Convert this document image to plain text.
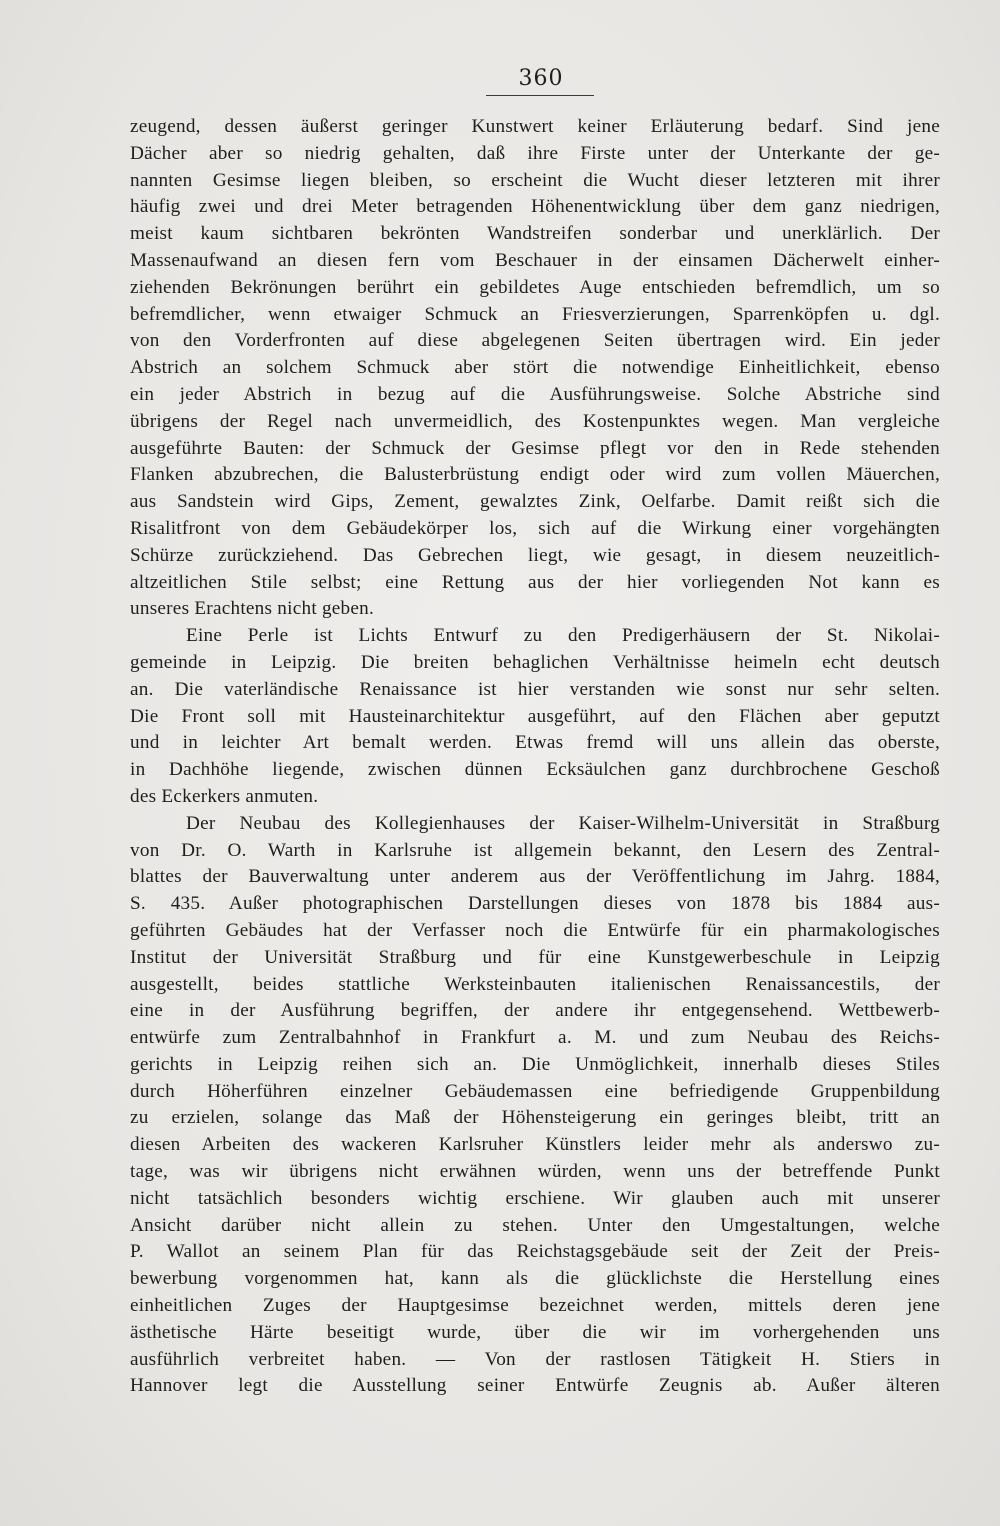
360
zeugend, dessen äußerst geringer Kunstwert keiner Erläuterung bedarf. Sind jene
Dächer aber so niedrig gehalten, daß ihre Firste unter der Unterkante der ge-
nannten Gesimse liegen bleiben, so erscheint die Wucht dieser letzteren mit ihrer
häufig zwei und drei Meter betragenden Höhenentwicklung über dem ganz niedrigen,
meist kaum sichtbaren bekrönten Wandstreifen sonderbar und unerklärlich. Der
Massenaufwand an diesen fern vom Beschauer in der einsamen Dächerwelt einher-
ziehenden Bekrönungen berührt ein gebildetes Auge entschieden befremdlich, um so
befremdlicher, wenn etwaiger Schmuck an Friesverzierungen, Sparrenköpfen u. dgl.
von den Vorderfronten auf diese abgelegenen Seiten übertragen wird. Ein jeder
Abstrich an solchem Schmuck aber stört die notwendige Einheitlichkeit, ebenso
ein jeder Abstrich in bezug auf die Ausführungsweise. Solche Abstriche sind
übrigens der Regel nach unvermeidlich, des Kostenpunktes wegen. Man vergleiche
ausgeführte Bauten: der Schmuck der Gesimse pflegt vor den in Rede stehenden
Flanken abzubrechen, die Balusterbrüstung endigt oder wird zum vollen Mäuerchen,
aus Sandstein wird Gips, Zement, gewalztes Zink, Oelfarbe. Damit reißt sich die
Risalitfront von dem Gebäudekörper los, sich auf die Wirkung einer vorgehängten
Schürze zurückziehend. Das Gebrechen liegt, wie gesagt, in diesem neuzeitlich-
altzeitlichen Stile selbst; eine Rettung aus der hier vorliegenden Not kann es
unseres Erachtens nicht geben.
Eine Perle ist Lichts Entwurf zu den Predigerhäusern der St. Nikolai-
gemeinde in Leipzig. Die breiten behaglichen Verhältnisse heimeln echt deutsch
an. Die vaterländische Renaissance ist hier verstanden wie sonst nur sehr selten.
Die Front soll mit Hausteinarchitektur ausgeführt, auf den Flächen aber geputzt
und in leichter Art bemalt werden. Etwas fremd will uns allein das oberste,
in Dachhöhe liegende, zwischen dünnen Ecksäulchen ganz durchbrochene Geschoß
des Eckerkers anmuten.
Der Neubau des Kollegienhauses der Kaiser-Wilhelm-Universität in Straßburg
von Dr. O. Warth in Karlsruhe ist allgemein bekannt, den Lesern des Zentral-
blattes der Bauverwaltung unter anderem aus der Veröffentlichung im Jahrg. 1884,
S. 435. Außer photographischen Darstellungen dieses von 1878 bis 1884 aus-
geführten Gebäudes hat der Verfasser noch die Entwürfe für ein pharmakologisches
Institut der Universität Straßburg und für eine Kunstgewerbeschule in Leipzig
ausgestellt, beides stattliche Werksteinbauten italienischen Renaissancestils, der
eine in der Ausführung begriffen, der andere ihr entgegensehend. Wettbewerb-
entwürfe zum Zentralbahnhof in Frankfurt a. M. und zum Neubau des Reichs-
gerichts in Leipzig reihen sich an. Die Unmöglichkeit, innerhalb dieses Stiles
durch Höherführen einzelner Gebäudemassen eine befriedigende Gruppenbildung
zu erzielen, solange das Maß der Höhensteigerung ein geringes bleibt, tritt an
diesen Arbeiten des wackeren Karlsruher Künstlers leider mehr als anderswo zu-
tage, was wir übrigens nicht erwähnen würden, wenn uns der betreffende Punkt
nicht tatsächlich besonders wichtig erschiene. Wir glauben auch mit unserer
Ansicht darüber nicht allein zu stehen. Unter den Umgestaltungen, welche
P. Wallot an seinem Plan für das Reichstagsgebäude seit der Zeit der Preis-
bewerbung vorgenommen hat, kann als die glücklichste die Herstellung eines
einheitlichen Zuges der Hauptgesimse bezeichnet werden, mittels deren jene
ästhetische Härte beseitigt wurde, über die wir im vorhergehenden uns
ausführlich verbreitet haben. — Von der rastlosen Tätigkeit H. Stiers in
Hannover legt die Ausstellung seiner Entwürfe Zeugnis ab. Außer älteren
